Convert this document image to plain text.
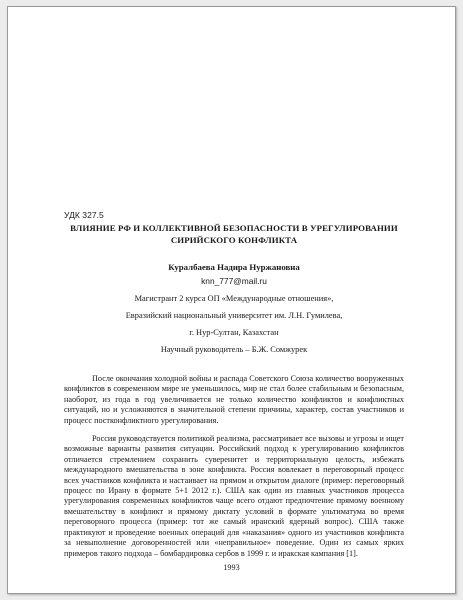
УДК 327.5
ВЛИЯНИЕ РФ И КОЛЛЕКТИВНОЙ БЕЗОПАСНОСТИ В УРЕГУЛИРОВАНИИ
СИРИЙСКОГО КОНФЛИКТА
Куралбаева Надира Нуржановна
knn_777@mail.ru
Магистрант 2 курса ОП «Международные отношения»,
Евразийский национальный университет им. Л.Н. Гумилева,
г. Нур-Султан, Казахстан
Научный руководитель – Б.Ж. Сомжурек

После окончания холодной войны и распада Советского Союза количество вооруженных конфликтов в современном мире не уменьшилось, мир не стал более стабильным и безопасным, наоборот, из года в год увеличивается не только количество конфликтов и конфликтных ситуаций, но и усложняются в значительной степени причины, характер, состав участников и процесс постконфликтного урегулирования.

Россия руководствуется политикой реализма, рассматривает все вызовы и угрозы и ищет возможные варианты развития ситуации. Российский подход к урегулированию конфликтов отличается стремлением сохранить суверенитет и территориальную целость, избежать международного вмешательства в зоне конфликта. Россия вовлекает в переговорный процесс всех участников конфликта и настаивает на прямом и открытом диалоге (пример: переговорный процесс по Ирану в формате 5+1 2012 г.). США как один из главных участников процесса урегулирования современных конфликтов чаще всего отдают предпочтение прямому военному вмешательству в конфликт и прямому диктату условий в формате ультиматума во время переговорного процесса (пример: тот же самый иранский ядерный вопрос). США также практикуют и проведение военных операций для «наказания» одного из участников конфликта за невыполнение договоренностей или «неправильное» поведение. Один из самых ярких примеров такого подхода – бомбардировка сербов в 1999 г. и иракская кампания [1].

1993
